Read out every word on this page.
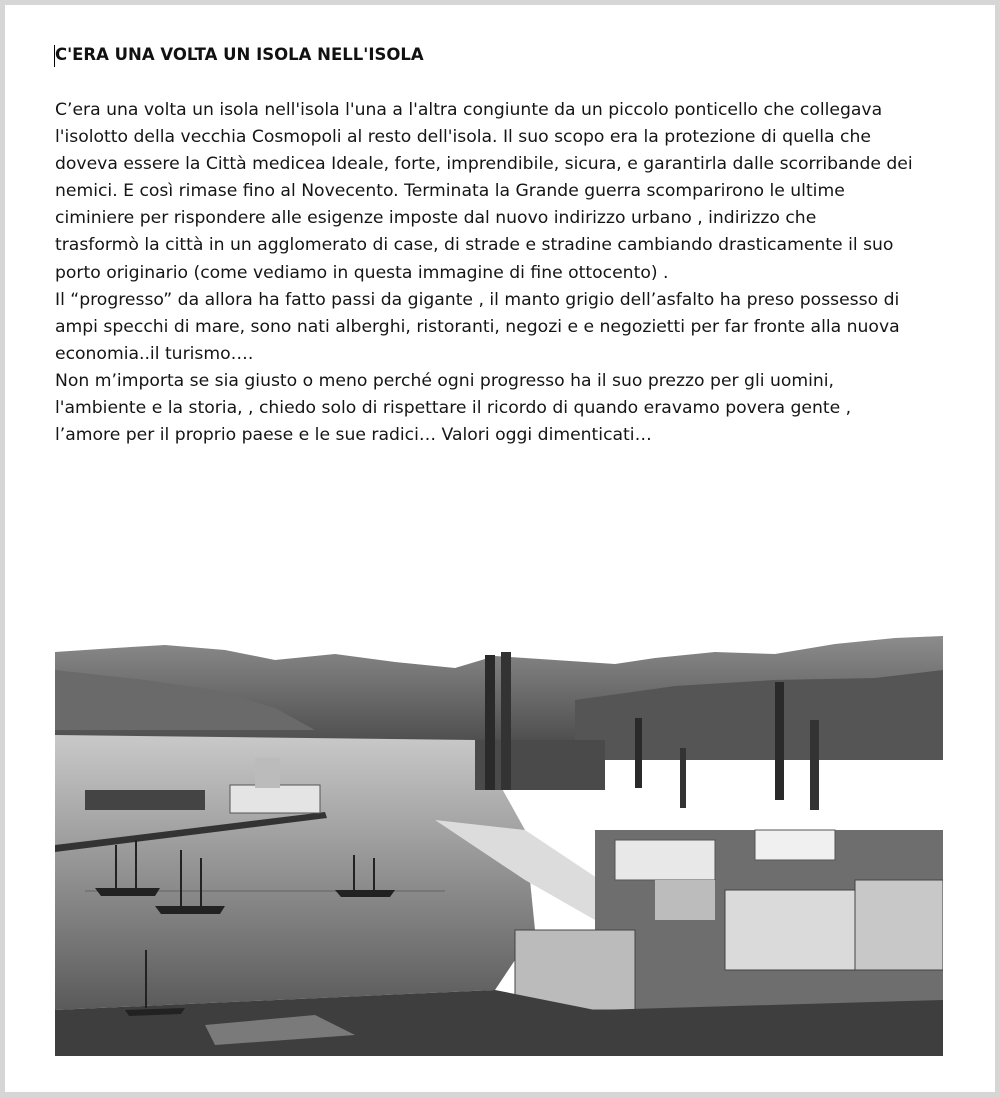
C'ERA UNA VOLTA UN ISOLA NELL'ISOLA

C’era una volta un isola nell'isola l'una a l'altra congiunte da un piccolo ponticello che collegava

l'isolotto della vecchia Cosmopoli al resto dell'isola. Il suo scopo era la protezione di quella che

doveva essere la Città medicea Ideale, forte, imprendibile, sicura, e garantirla dalle scorribande dei

nemici. E così rimase fino al Novecento. Terminata la Grande guerra scomparirono le ultime

ciminiere per rispondere alle esigenze imposte dal nuovo indirizzo urbano , indirizzo che

trasformò la città in un agglomerato di case, di strade e stradine cambiando drasticamente il suo

porto originario (come vediamo in questa immagine di fine ottocento) .

Il “progresso” da allora ha fatto passi da gigante , il manto grigio dell’asfalto ha preso possesso di

ampi specchi di mare, sono nati alberghi, ristoranti, negozi e e negozietti per far fronte alla nuova

economia..il turismo….

Non m’importa se sia giusto o meno perché ogni progresso ha il suo prezzo per gli uomini,

l'ambiente e la storia, , chiedo solo di rispettare il ricordo di quando eravamo povera gente ,

l’amore per il proprio paese e le sue radici… Valori oggi dimenticati…
